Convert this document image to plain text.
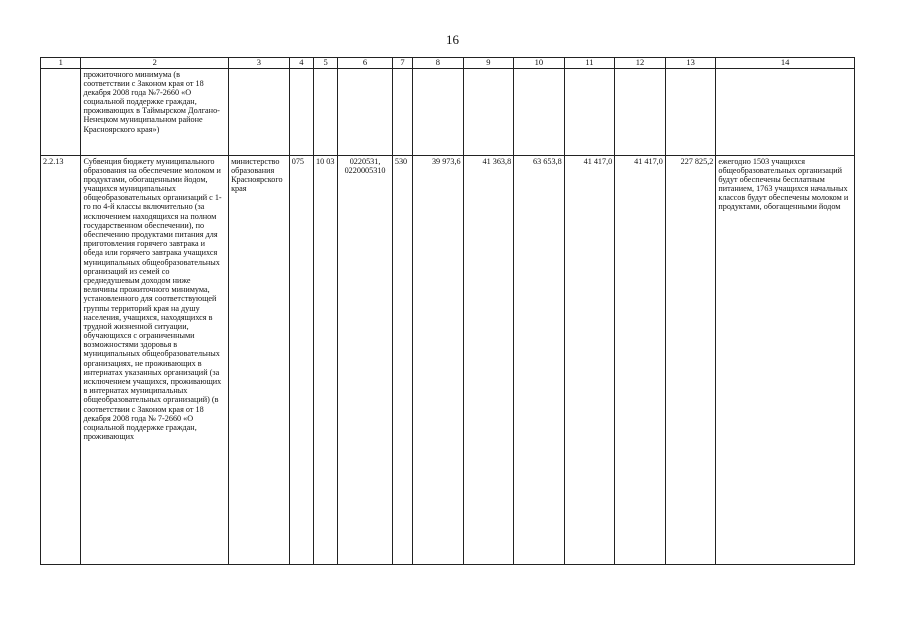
16
1	2	3	4	5	6	7	8	9	10	11	12	13	14
	прожиточного минимума (в соответствии с Законом края от 18 декабря 2008 года №7-2660 «О социальной поддержке граждан, проживающих в Таймырском Долгано-Ненецком муниципальном районе Красноярского края»)												
2.2.13	Субвенция бюджету муниципального образования на обеспечение молоком и продуктами, обогащенными йодом, учащихся муниципальных общеобразовательных организаций с 1-го по 4-й классы включительно (за исключением находящихся на полном государственном обеспечении), по обеспечению продуктами питания для приготовления горячего завтрака и обеда или горячего завтрака учащихся муниципальных общеобразовательных организаций из семей со среднедушевым доходом ниже величины прожиточного минимума, установленного для соответствующей группы территорий края на душу населения, учащихся, находящихся в трудной жизненной ситуации, обучающихся с ограниченными возможностями здоровья в муниципальных общеобразовательных организациях, не проживающих в интернатах указанных организаций (за исключением учащихся, проживающих в интернатах муниципальных общеобразовательных организаций) (в соответствии с Законом края от 18 декабря 2008 года № 7-2660 «О социальной поддержке граждан, проживающих	министерство образования Красноярского края	075	10 03	0220531, 0220005310	530	39 973,6	41 363,8	63 653,8	41 417,0	41 417,0	227 825,2	ежегодно 1503 учащихся общеобразовательных организаций будут обеспечены бесплатным питанием, 1763 учащихся начальных классов будут обеспечены молоком и продуктами, обогащенными йодом
